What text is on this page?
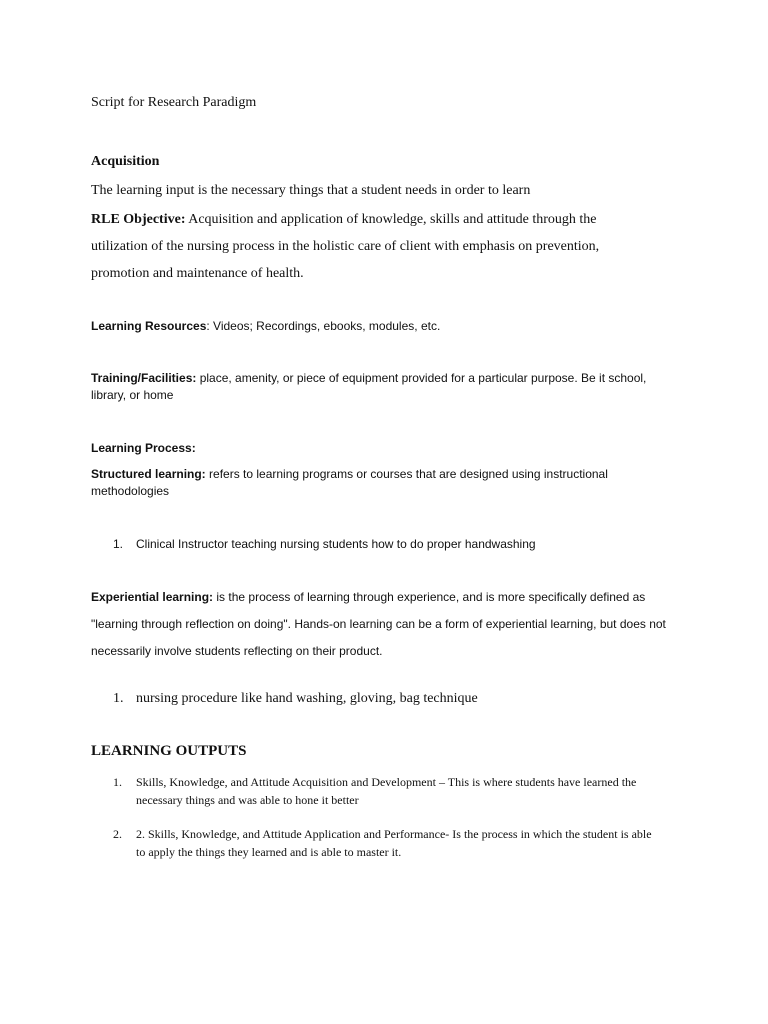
Script for Research Paradigm
Acquisition
The learning input is the necessary things that a student needs in order to learn
RLE Objective: Acquisition and application of knowledge, skills and attitude through the utilization of the nursing process in the holistic care of client with emphasis on prevention, promotion and maintenance of health.
Learning Resources: Videos; Recordings, ebooks, modules, etc.
Training/Facilities: place, amenity, or piece of equipment provided for a particular purpose. Be it school, library, or home
Learning Process:
Structured learning: refers to learning programs or courses that are designed using instructional methodologies
1. Clinical Instructor teaching nursing students how to do proper handwashing
Experiential learning: is the process of learning through experience, and is more specifically defined as "learning through reflection on doing". Hands-on learning can be a form of experiential learning, but does not necessarily involve students reflecting on their product.
1. nursing procedure like hand washing, gloving, bag technique
LEARNING OUTPUTS
1. Skills, Knowledge, and Attitude Acquisition and Development – This is where students have learned the necessary things and was able to hone it better
2. 2. Skills, Knowledge, and Attitude Application and Performance- Is the process in which the student is able to apply the things they learned and is able to master it.
